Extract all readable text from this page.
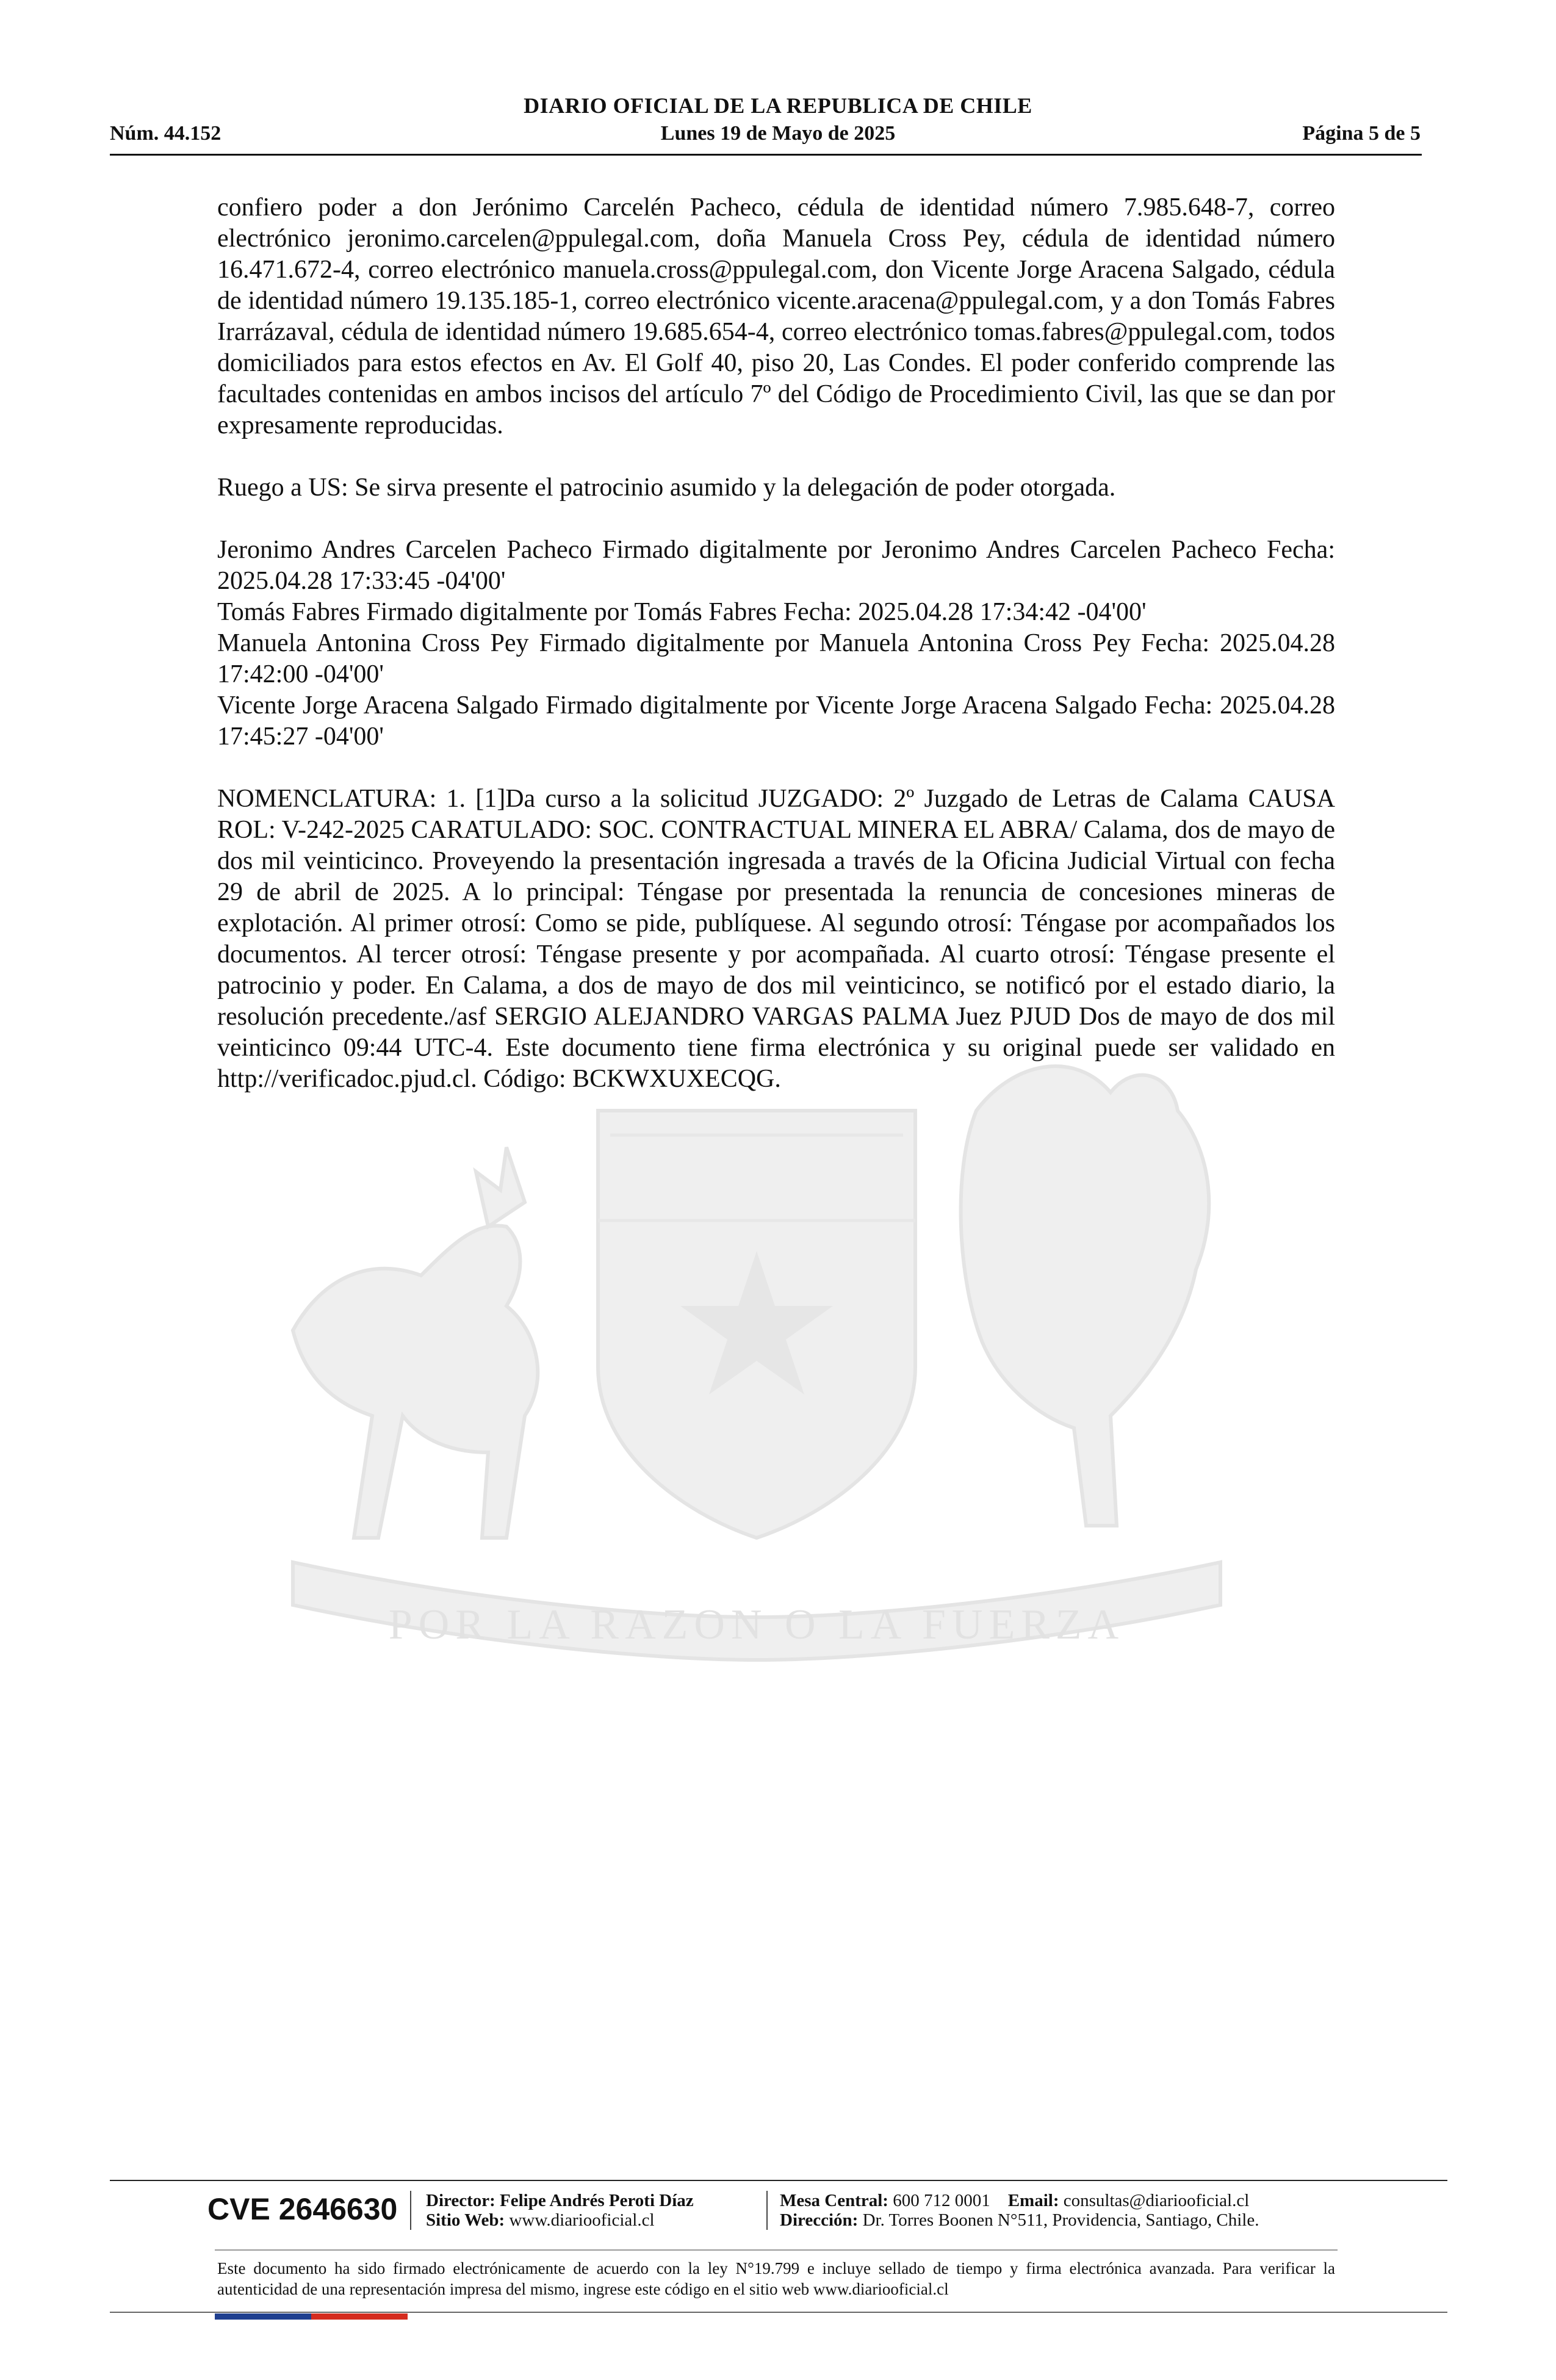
DIARIO OFICIAL DE LA REPUBLICA DE CHILE
Núm. 44.152	Lunes 19 de Mayo de 2025	Página 5 de 5
POR LA RAZON O LA FUERZA

confiero poder a don Jerónimo Carcelén Pacheco, cédula de identidad número 7.985.648-7, correo electrónico jeronimo.carcelen@ppulegal.com, doña Manuela Cross Pey, cédula de identidad número 16.471.672-4, correo electrónico manuela.cross@ppulegal.com, don Vicente Jorge Aracena Salgado, cédula de identidad número 19.135.185-1, correo electrónico vicente.aracena@ppulegal.com, y a don Tomás Fabres Irarrázaval, cédula de identidad número 19.685.654-4, correo electrónico tomas.fabres@ppulegal.com, todos domiciliados para estos efectos en Av. El Golf 40, piso 20, Las Condes. El poder conferido comprende las facultades contenidas en ambos incisos del artículo 7º del Código de Procedimiento Civil, las que se dan por expresamente reproducidas.

Ruego a US: Se sirva presente el patrocinio asumido y la delegación de poder otorgada.

Jeronimo Andres Carcelen Pacheco Firmado digitalmente por Jeronimo Andres Carcelen Pacheco Fecha: 2025.04.28 17:33:45 -04'00'

Tomás Fabres Firmado digitalmente por Tomás Fabres Fecha: 2025.04.28 17:34:42 -04'00'

Manuela Antonina Cross Pey Firmado digitalmente por Manuela Antonina Cross Pey Fecha: 2025.04.28 17:42:00 -04'00'

Vicente Jorge Aracena Salgado Firmado digitalmente por Vicente Jorge Aracena Salgado Fecha: 2025.04.28 17:45:27 -04'00'

NOMENCLATURA: 1. [1]Da curso a la solicitud JUZGADO: 2º Juzgado de Letras de Calama CAUSA ROL: V-242-2025 CARATULADO: SOC. CONTRACTUAL MINERA EL ABRA/ Calama, dos de mayo de dos mil veinticinco. Proveyendo la presentación ingresada a través de la Oficina Judicial Virtual con fecha 29 de abril de 2025. A lo principal: Téngase por presentada la renuncia de concesiones mineras de explotación. Al primer otrosí: Como se pide, publíquese. Al segundo otrosí: Téngase por acompañados los documentos. Al tercer otrosí: Téngase presente y por acompañada. Al cuarto otrosí: Téngase presente el patrocinio y poder. En Calama, a dos de mayo de dos mil veinticinco, se notificó por el estado diario, la resolución precedente./asf SERGIO ALEJANDRO VARGAS PALMA Juez PJUD Dos de mayo de dos mil veinticinco 09:44 UTC-4. Este documento tiene firma electrónica y su original puede ser validado en http://verificadoc.pjud.cl. Código: BCKWXUXECQG.

CVE 2646630 Director: Felipe Andrés Peroti Díaz
Sitio Web: www.diariooficial.cl
Mesa Central: 600 712 0001 Email: consultas@diariooficial.cl
Dirección: Dr. Torres Boonen N°511, Providencia, Santiago, Chile.
Este documento ha sido firmado electrónicamente de acuerdo con la ley N°19.799 e incluye sellado de tiempo y firma electrónica avanzada. Para verificar la autenticidad de una representación impresa del mismo, ingrese este código en el sitio web www.diariooficial.cl
